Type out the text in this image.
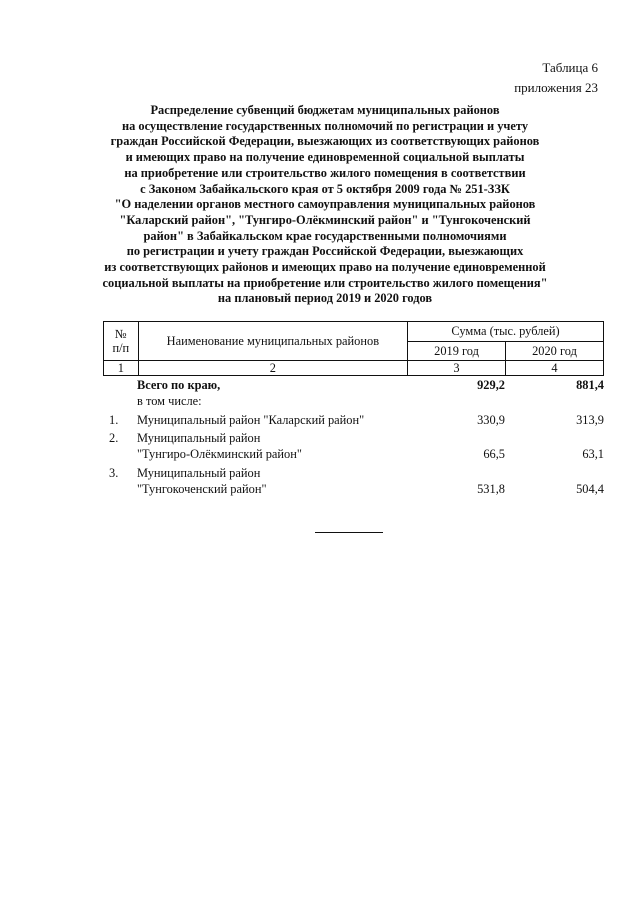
Таблица 6
приложения 23
Распределение субвенций бюджетам муниципальных районов
на осуществление государственных полномочий по регистрации и учету
граждан Российской Федерации, выезжающих из соответствующих районов
и имеющих право на получение единовременной социальной выплаты
на приобретение или строительство жилого помещения в соответствии
с Законом Забайкальского края от 5 октября 2009 года № 251-ЗЗК
"О наделении органов местного самоуправления муниципальных районов
"Каларский район", "Тунгиро-Олёкминский район" и "Тунгокоченский
район" в Забайкальском крае государственными полномочиями
по регистрации и учету граждан Российской Федерации, выезжающих
из соответствующих районов и имеющих право на получение единовременной
социальной выплаты на приобретение или строительство жилого помещения"
на плановый период 2019 и 2020 годов
№
п/п	Наименование муниципальных районов	Сумма (тыс. рублей)	
		2019 год	2020 год
1	2	3	4
Всего по краю,	929,2	881,4
в том числе:
1.	Муниципальный район "Каларский район"	330,9	313,9
2.	Муниципальный район
"Тунгиро-Олёкминский район"	66,5	63,1
3.	Муниципальный район
"Тунгокоченский район"	531,8	504,4
